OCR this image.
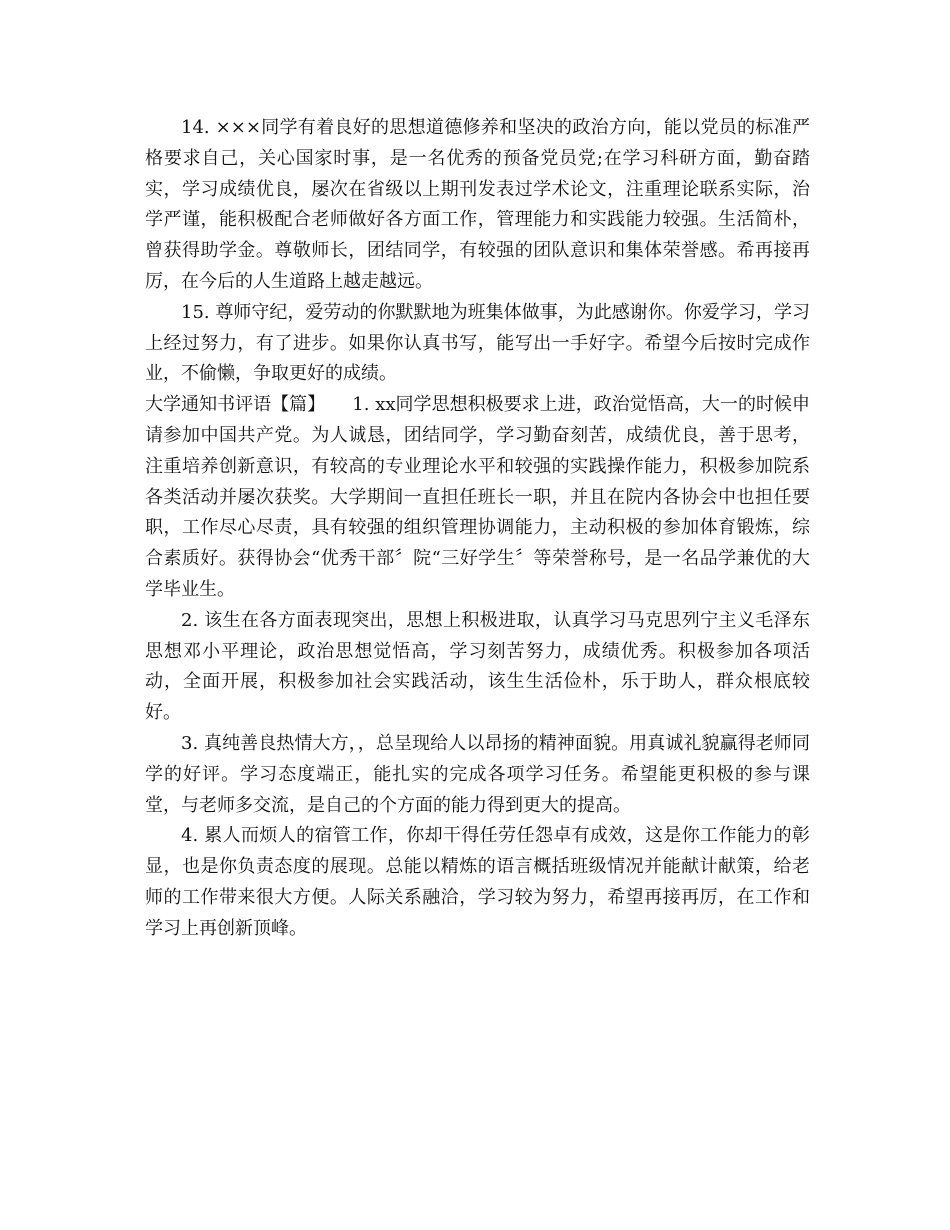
14. ×××同学有着良好的思想道德修养和坚决的政治方向，能以党员的标准严格要求自己，关心国家时事，是一名优秀的预备党员党;在学习科研方面，勤奋踏实，学习成绩优良，屡次在省级以上期刊发表过学术论文，注重理论联系实际，治学严谨，能积极配合老师做好各方面工作，管理能力和实践能力较强。生活简朴，曾获得助学金。尊敬师长，团结同学，有较强的团队意识和集体荣誉感。希再接再厉，在今后的人生道路上越走越远。

15. 尊师守纪，爱劳动的你默默地为班集体做事，为此感谢你。你爱学习，学习上经过努力，有了进步。如果你认真书写，能写出一手好字。希望今后按时完成作业，不偷懒，争取更好的成绩。

大学通知书评语【篇】　　 1. xx同学思想积极要求上进，政治觉悟高，大一的时候申请参加中国共产党。为人诚恳，团结同学，学习勤奋刻苦，成绩优良，善于思考，注重培养创新意识，有较高的专业理论水平和较强的实践操作能力，积极参加院系各类活动并屡次获奖。大学期间一直担任班长一职，并且在院内各协会中也担任要职，工作尽心尽责，具有较强的组织管理协调能力，主动积极的参加体育锻炼，综合素质好。获得协会“优秀干部〞院“三好学生〞等荣誉称号，是一名品学兼优的大学毕业生。

2. 该生在各方面表现突出，思想上积极进取，认真学习马克思列宁主义毛泽东思想邓小平理论，政治思想觉悟高，学习刻苦努力，成绩优秀。积极参加各项活动，全面开展，积极参加社会实践活动，该生生活俭朴，乐于助人，群众根底较好。

3. 真纯善良热情大方，，总呈现给人以昂扬的精神面貌。用真诚礼貌赢得老师同学的好评。学习态度端正，能扎实的完成各项学习任务。希望能更积极的参与课堂，与老师多交流，是自己的个方面的能力得到更大的提高。

4. 累人而烦人的宿管工作，你却干得任劳任怨卓有成效，这是你工作能力的彰显，也是你负责态度的展现。总能以精炼的语言概括班级情况并能献计献策，给老师的工作带来很大方便。人际关系融洽，学习较为努力，希望再接再厉，在工作和学习上再创新顶峰。
